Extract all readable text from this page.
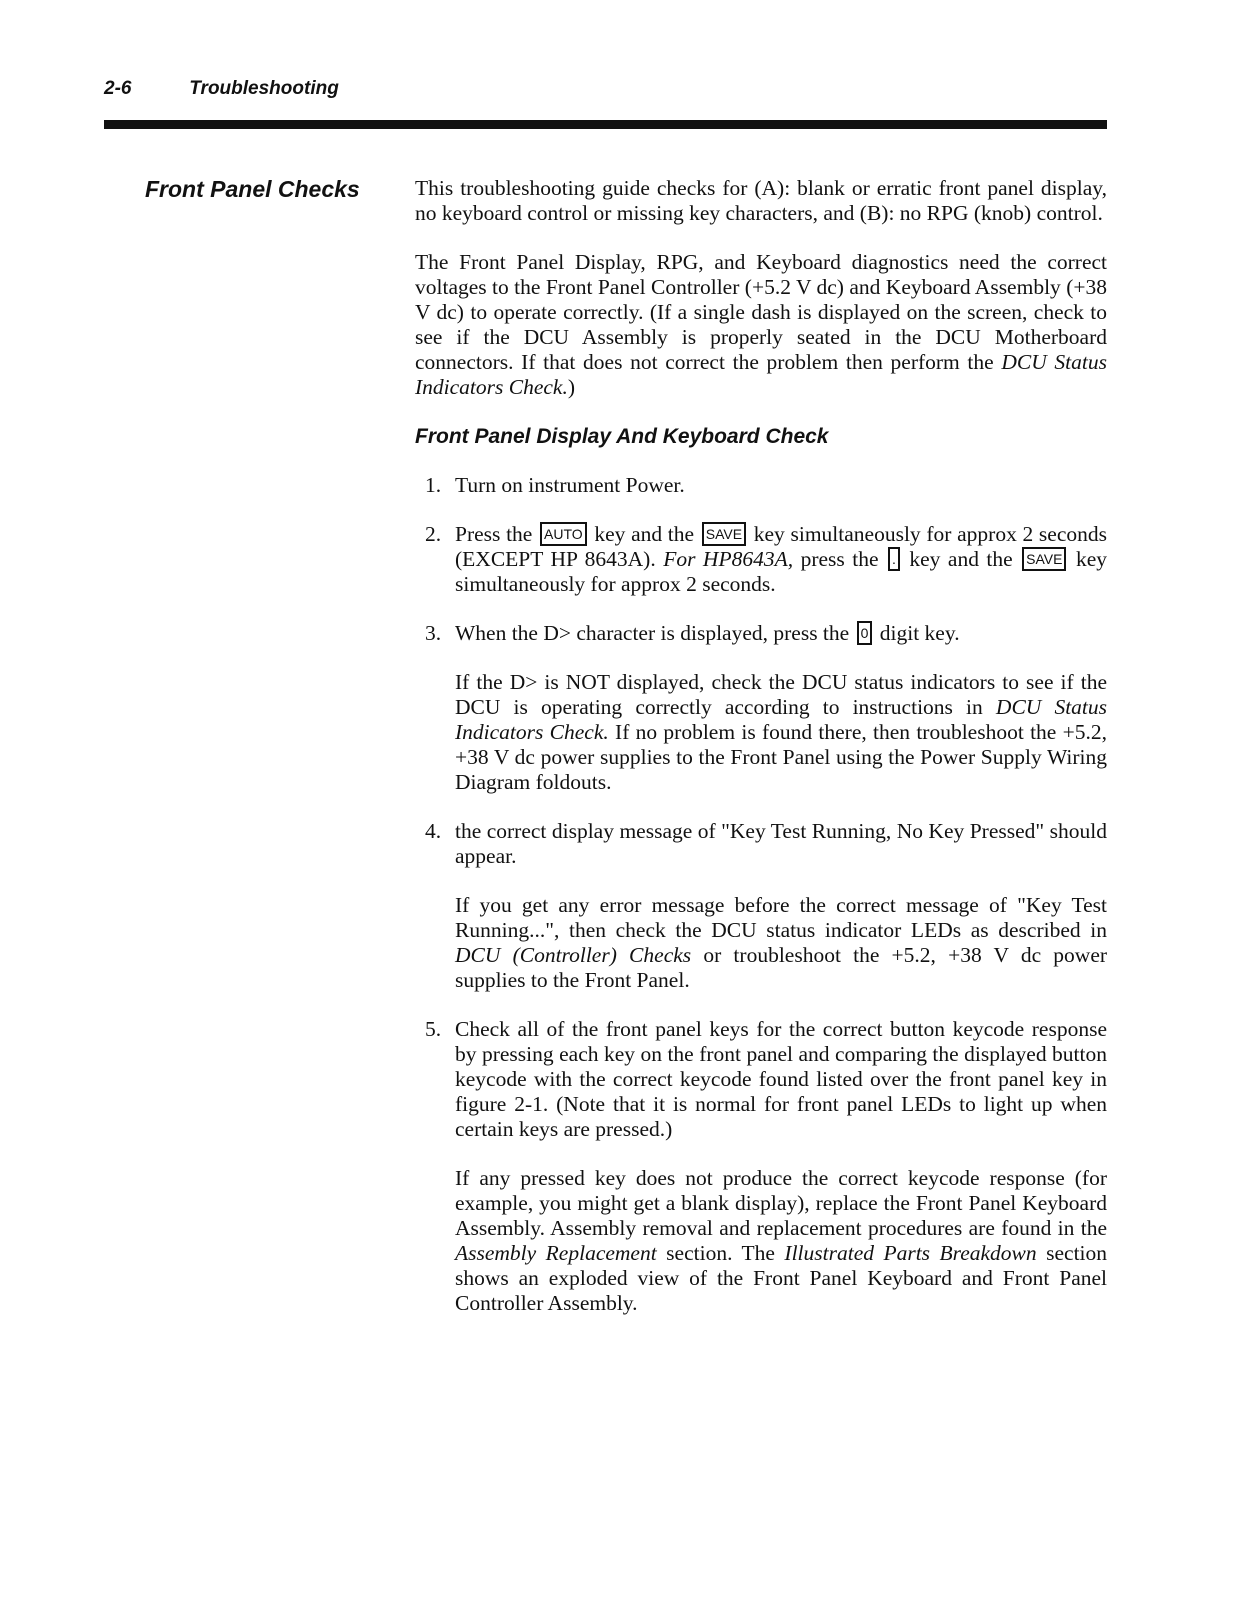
2-6	Troubleshooting
Front Panel Checks	This troubleshooting guide checks for (A): blank or erratic front panel display, no keyboard control or missing key characters, and (B): no RPG (knob) control.

The Front Panel Display, RPG, and Keyboard diagnostics need the correct voltages to the Front Panel Controller (+5.2 V dc) and Keyboard Assembly (+38 V dc) to operate correctly. (If a single dash is displayed on the screen, check to see if the DCU Assembly is properly seated in the DCU Motherboard connectors. If that does not correct the problem then perform the DCU Status Indicators Check.)

Front Panel Display And Keyboard Check
1. Turn on instrument Power.
2. Press the AUTO key and the SAVE key simultaneously for approx 2 seconds (EXCEPT HP 8643A). For HP8643A, press the . key and the SAVE key simultaneously for approx 2 seconds.
3. When the D> character is displayed, press the 0 digit key.
If the D> is NOT displayed, check the DCU status indicators to see if the DCU is operating correctly according to instructions in DCU Status Indicators Check. If no problem is found there, then troubleshoot the +5.2, +38 V dc power supplies to the Front Panel using the Power Supply Wiring Diagram foldouts.
4. the correct display message of "Key Test Running, No Key Pressed" should appear.
If you get any error message before the correct message of "Key Test Running...", then check the DCU status indicator LEDs as described in DCU (Controller) Checks or troubleshoot the +5.2, +38 V dc power supplies to the Front Panel.
5. Check all of the front panel keys for the correct button keycode response by pressing each key on the front panel and comparing the displayed button keycode with the correct keycode found listed over the front panel key in figure 2-1. (Note that it is normal for front panel LEDs to light up when certain keys are pressed.)
If any pressed key does not produce the correct keycode response (for example, you might get a blank display), replace the Front Panel Keyboard Assembly. Assembly removal and replacement procedures are found in the Assembly Replacement section. The Illustrated Parts Breakdown section shows an exploded view of the Front Panel Keyboard and Front Panel Controller Assembly.
